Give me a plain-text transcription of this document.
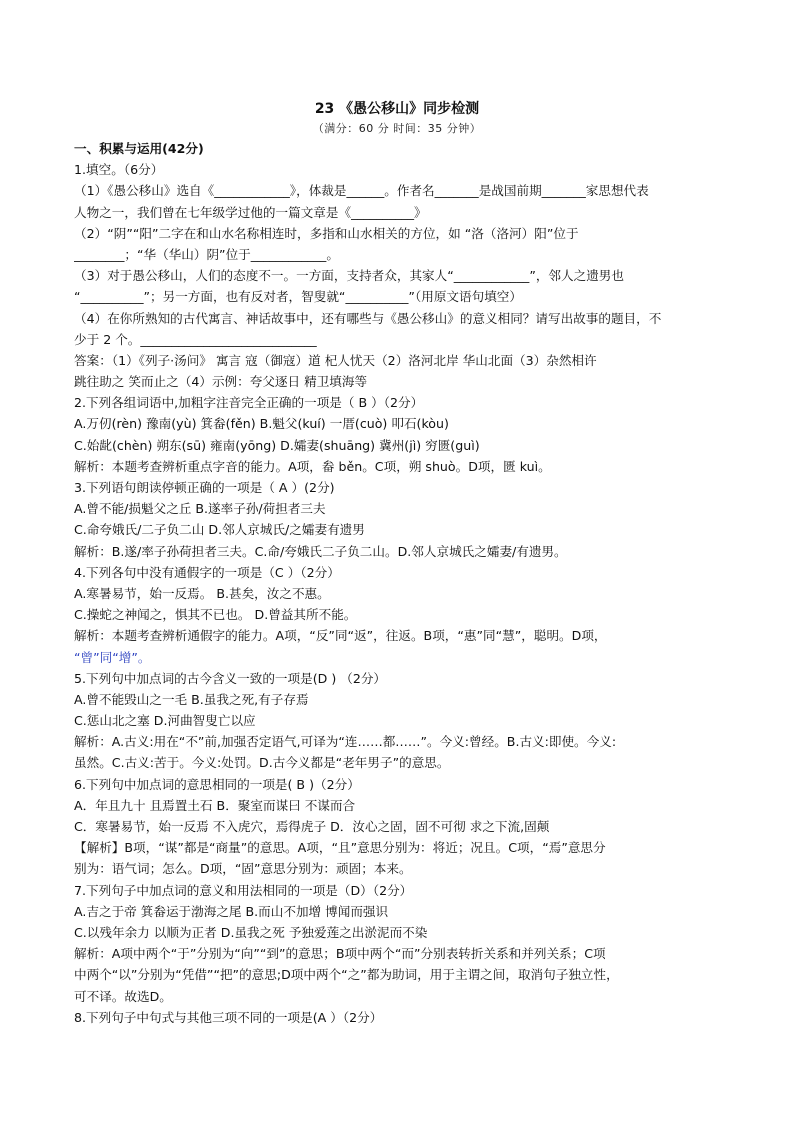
23 《愚公移山》同步检测
（满分：60 分 时间：35 分钟）
一、积累与运用(42分)
1.填空。（6分）
（1）《愚公移山》选自《____________》，体裁是______。作者名_______是战国前期_______家思想代表
人物之一，我们曾在七年级学过他的一篇文章是《__________》
（2）“阴”“阳”二字在和山水名称相连时，多指和山水相关的方位，如 “洛（洛河）阳”位于
________；“华（华山）阴”位于____________。
（3）对于愚公移山，人们的态度不一。一方面，支持者众，其家人“____________”，邻人之遗男也
“__________”；另一方面，也有反对者，智叟就“__________”（用原文语句填空）
（4）在你所熟知的古代寓言、神话故事中，还有哪些与《愚公移山》的意义相同？请写出故事的题目，不
少于 2 个。____________________________
答案：（1）《列子·汤问》 寓言 寇（御寇）道 杞人忧天（2）洛河北岸 华山北面（3）杂然相许
跳往助之 笑而止之（4）示例：夸父逐日 精卫填海等
2.下列各组词语中,加粗字注音完全正确的一项是（ B ）（2分）
A.万仞(rèn) 豫南(yù) 箕畚(fěn) B.魁父(kuí) 一厝(cuò) 叩石(kòu)
C.始龀(chèn) 朔东(sū) 雍南(yōng) D.孀妻(shuāng) 冀州(jì) 穷匮(guì)
解析：本题考查辨析重点字音的能力。A项，畚 běn。C项，朔 shuò。D项，匮 kuì。
3.下列语句朗读停顿正确的一项是（ A ）(2分)
A.曾不能/损魁父之丘 B.遂率子孙/荷担者三夫
C.命夸娥氏/二子负二山 D.邻人京城氏/之孀妻有遗男
解析：B.遂/率子孙荷担者三夫。C.命/夸娥氏二子负二山。D.邻人京城氏之孀妻/有遗男。
4.下列各句中没有通假字的一项是（C ）（2分）
A.寒暑易节，始一反焉。 B.甚矣，汝之不惠。
C.操蛇之神闻之，惧其不已也。 D.曾益其所不能。
解析：本题考查辨析通假字的能力。A项，“反”同“返”，往返。B项，“惠”同“慧”，聪明。D项，
“曾”同“增”。
5.下列句中加点词的古今含义一致的一项是(D ) （2分）
A.曾不能毁山之一毛 B.虽我之死,有子存焉
C.惩山北之塞 D.河曲智叟亡以应
解析：A.古义:用在“不”前,加强否定语气,可译为“连……都……”。今义:曾经。B.古义:即使。今义:
虽然。C.古义:苦于。今义:处罚。D.古今义都是“老年男子”的意思。
6.下列句中加点词的意思相同的一项是( B )（2分）
A．年且九十 且焉置土石 B．聚室而谋曰 不谋而合
C．寒暑易节，始一反焉 不入虎穴，焉得虎子 D．汝心之固，固不可彻 求之下流,固颠
【解析】B项，“谋”都是“商量”的意思。A项，“且”意思分别为：将近；况且。C项，“焉”意思分
别为：语气词；怎么。D项，“固”意思分别为：顽固；本来。
7.下列句子中加点词的意义和用法相同的一项是（D）（2分）
A.吉之于帝 箕畚运于渤海之尾 B.而山不加增 博闻而强识
C.以残年余力 以顺为正者 D.虽我之死 予独爱莲之出淤泥而不染
解析：A项中两个“于”分别为“向”“到”的意思；B项中两个“而”分别表转折关系和并列关系；C项
中两个“以”分别为“凭借”“把”的意思;D项中两个“之”都为助词，用于主谓之间，取消句子独立性，
可不译。故选D。
8.下列句子中句式与其他三项不同的一项是(A ）（2分）
